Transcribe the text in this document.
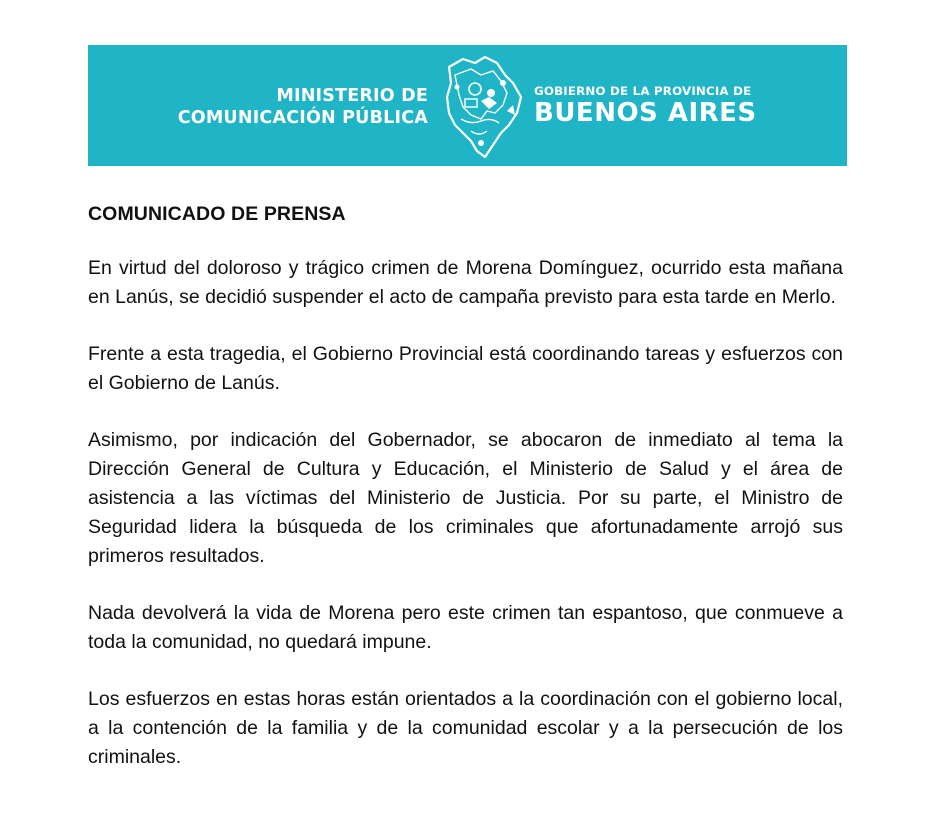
MINISTERIO DE
COMUNICACIÓN PÚBLICA
GOBIERNO DE LA PROVINCIA DE
BUENOS AIRES
COMUNICADO DE PRENSA

En virtud del doloroso y trágico crimen de Morena Domínguez, ocurrido esta mañana en Lanús, se decidió suspender el acto de campaña previsto para esta tarde en Merlo.

Frente a esta tragedia, el Gobierno Provincial está coordinando tareas y esfuerzos con el Gobierno de Lanús.

Asimismo, por indicación del Gobernador, se abocaron de inmediato al tema la Dirección General de Cultura y Educación, el Ministerio de Salud y el área de asistencia a las víctimas del Ministerio de Justicia. Por su parte, el Ministro de Seguridad lidera la búsqueda de los criminales que afortunadamente arrojó sus primeros resultados.

Nada devolverá la vida de Morena pero este crimen tan espantoso, que conmueve a toda la comunidad, no quedará impune.

Los esfuerzos en estas horas están orientados a la coordinación con el gobierno local, a la contención de la familia y de la comunidad escolar y a la persecución de los criminales.
